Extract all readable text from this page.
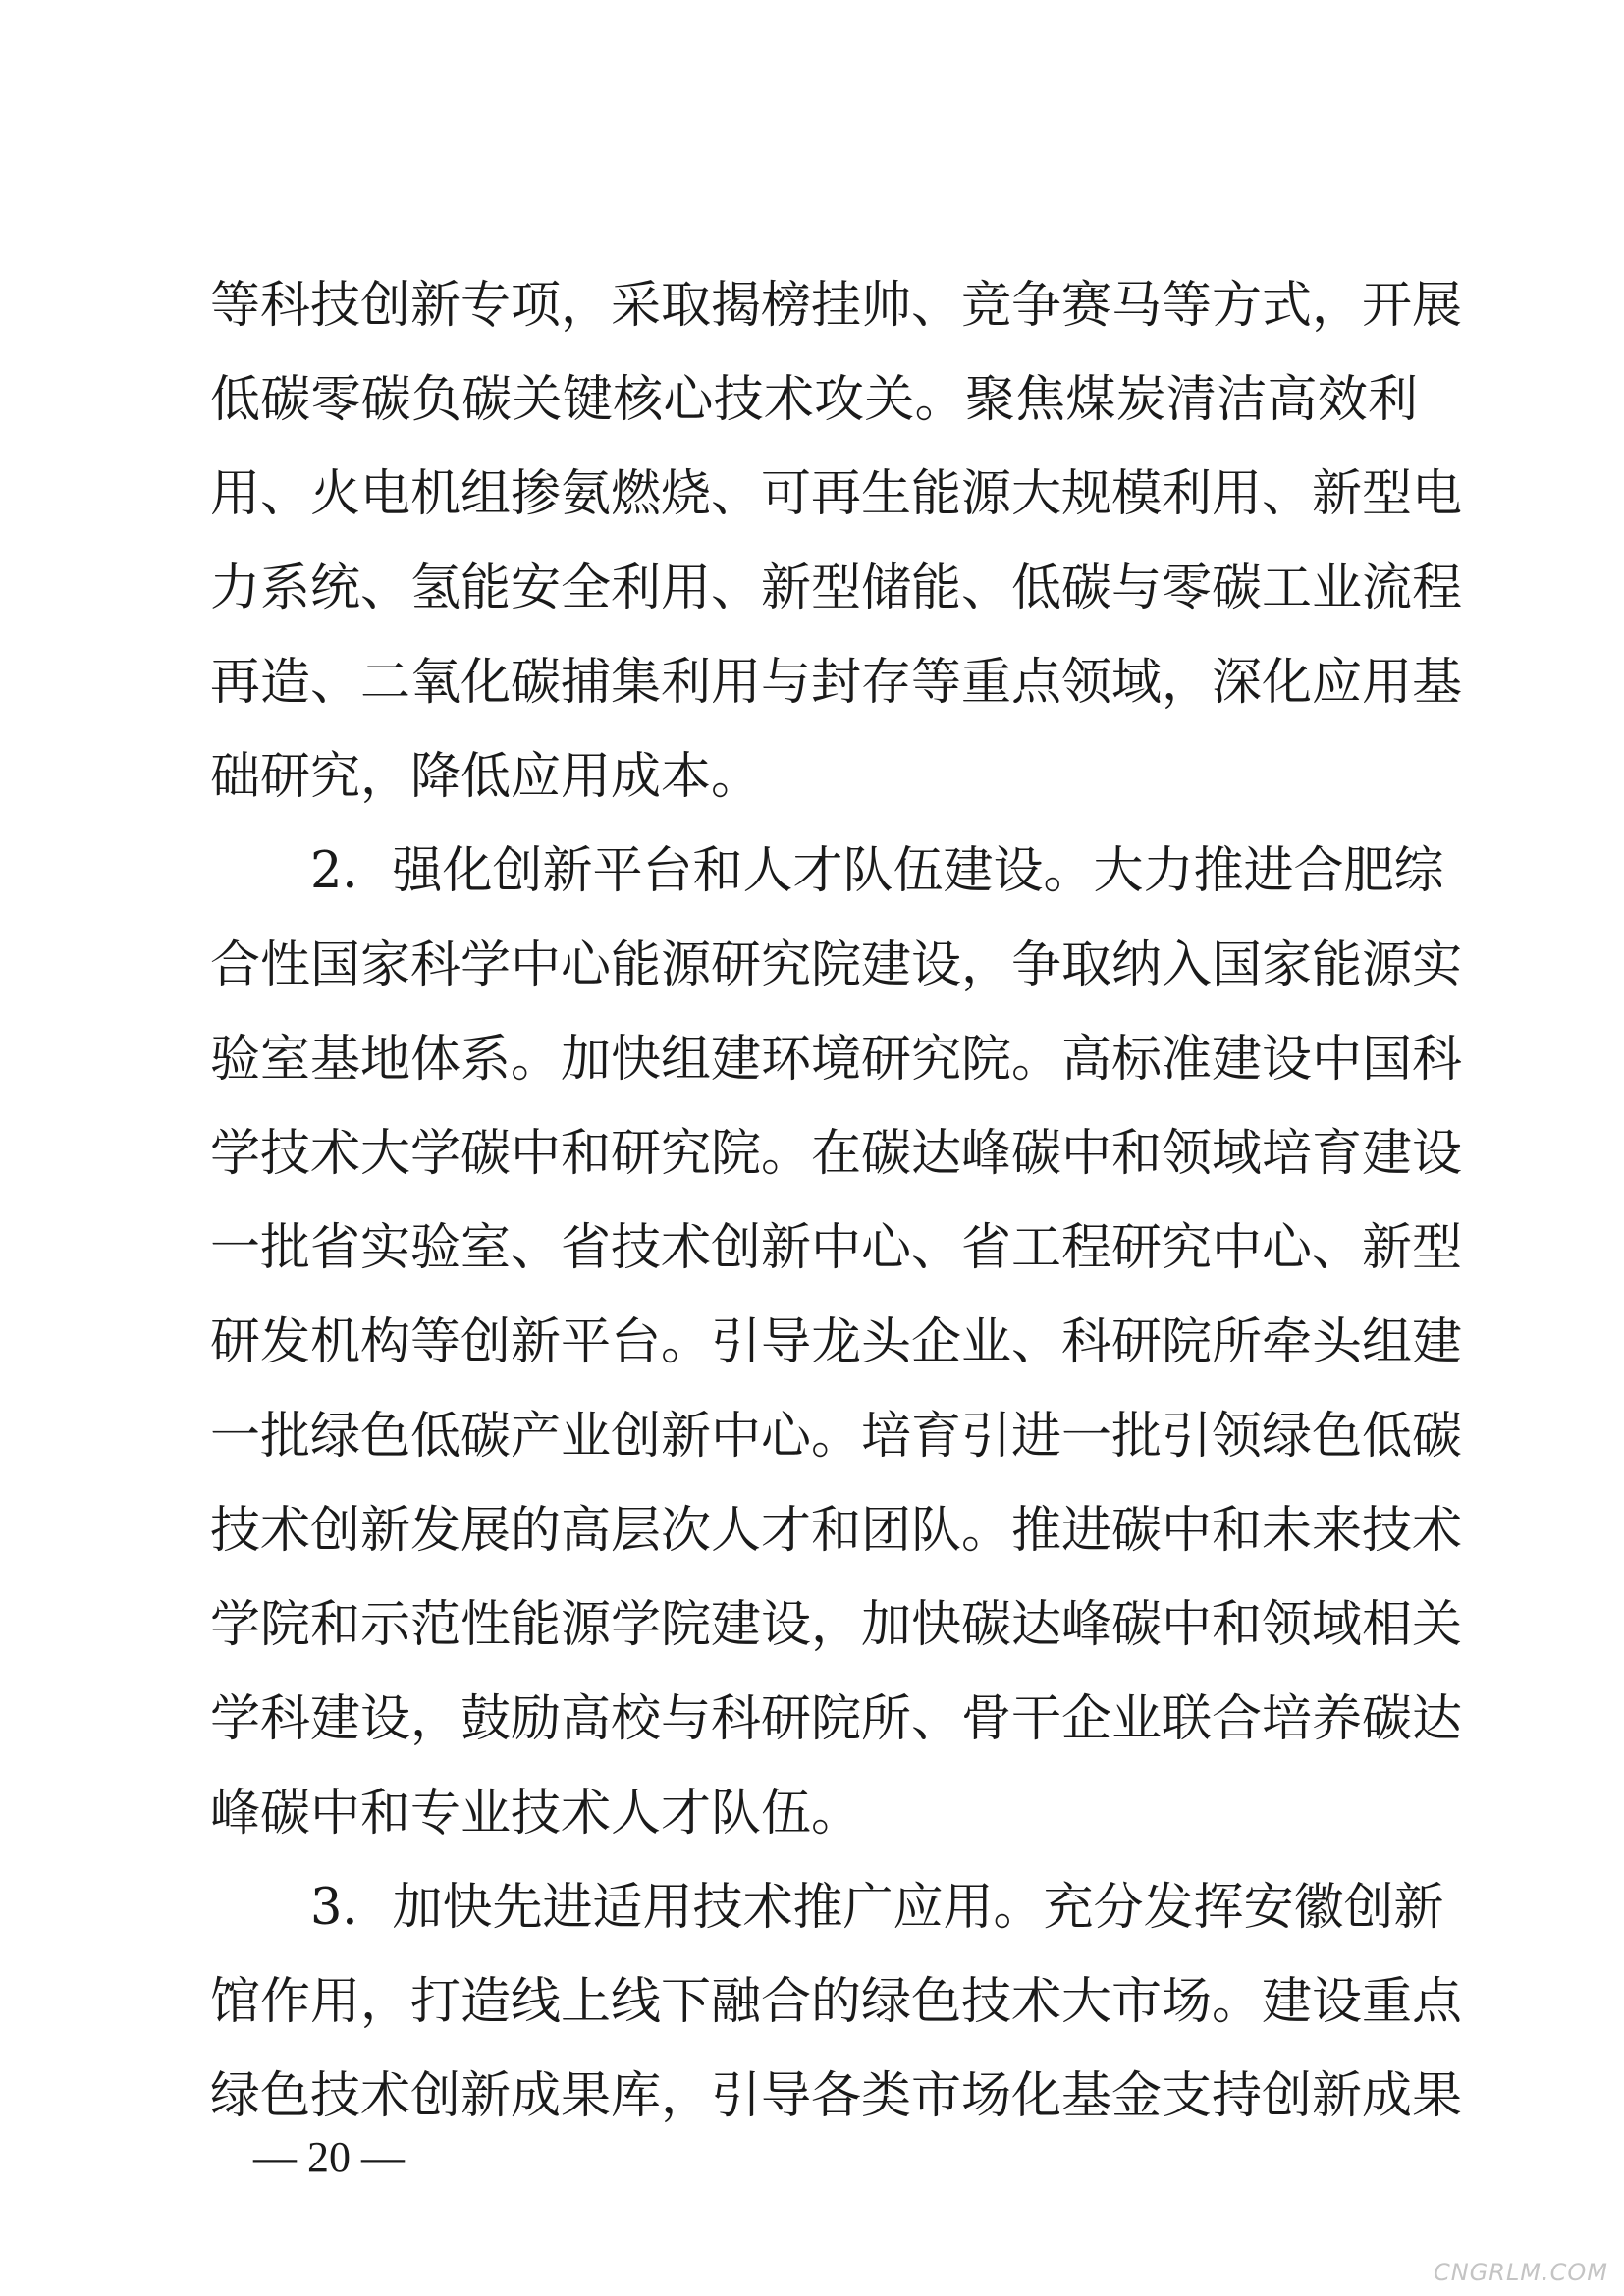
等科技创新专项，采取揭榜挂帅、竞争赛马等方式，开展
低碳零碳负碳关键核心技术攻关。聚焦煤炭清洁高效利
用、火电机组掺氨燃烧、可再生能源大规模利用、新型电
力系统、氢能安全利用、新型储能、低碳与零碳工业流程
再造、二氧化碳捕集利用与封存等重点领域，深化应用基
础研究，降低应用成本。
　　2．强化创新平台和人才队伍建设。大力推进合肥综
合性国家科学中心能源研究院建设，争取纳入国家能源实
验室基地体系。加快组建环境研究院。高标准建设中国科
学技术大学碳中和研究院。在碳达峰碳中和领域培育建设
一批省实验室、省技术创新中心、省工程研究中心、新型
研发机构等创新平台。引导龙头企业、科研院所牵头组建
一批绿色低碳产业创新中心。培育引进一批引领绿色低碳
技术创新发展的高层次人才和团队。推进碳中和未来技术
学院和示范性能源学院建设，加快碳达峰碳中和领域相关
学科建设，鼓励高校与科研院所、骨干企业联合培养碳达
峰碳中和专业技术人才队伍。
　　3．加快先进适用技术推广应用。充分发挥安徽创新
馆作用，打造线上线下融合的绿色技术大市场。建设重点
绿色技术创新成果库，引导各类市场化基金支持创新成果
— 20 —
CNGRLM.COM
